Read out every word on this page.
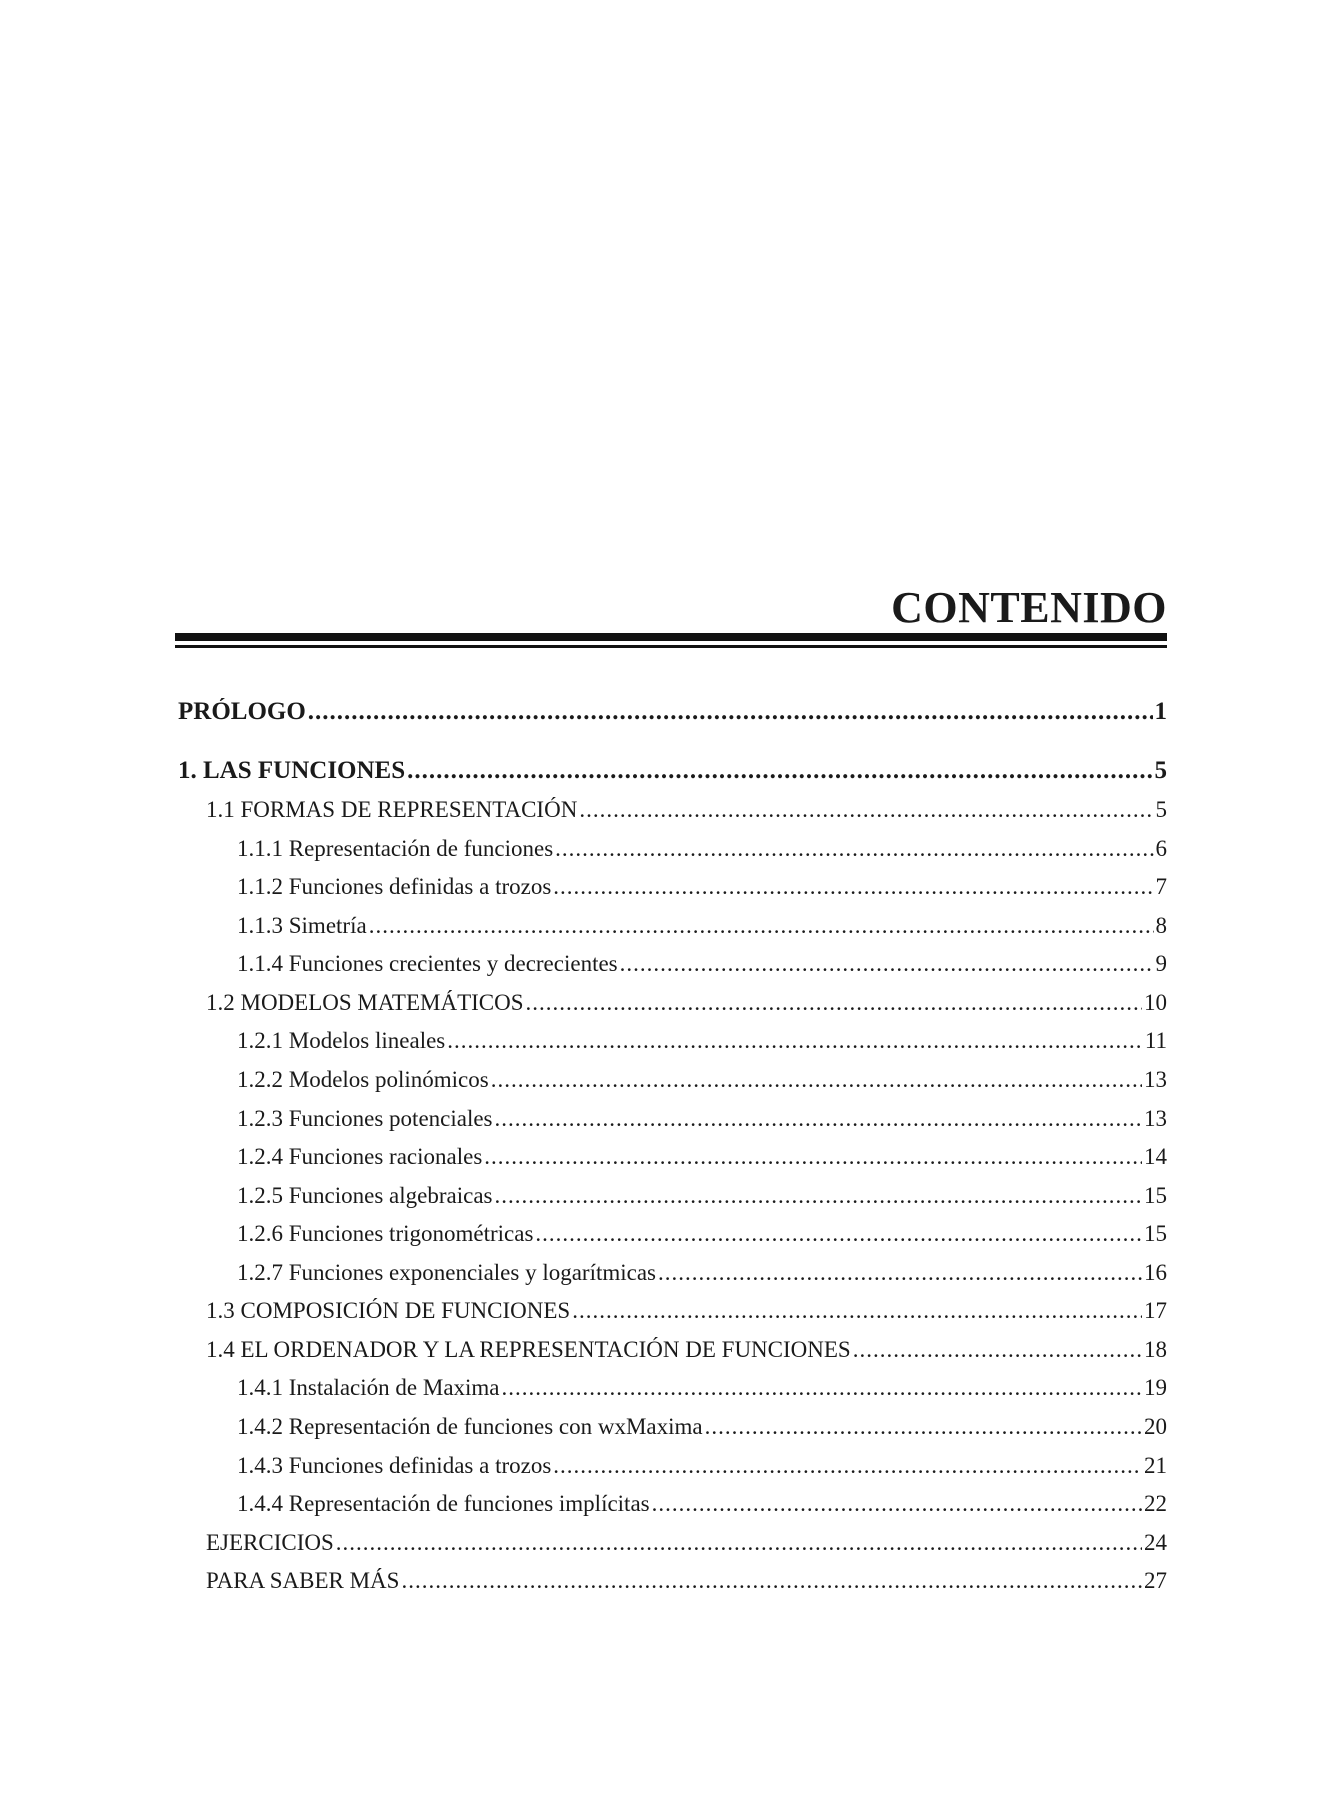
CONTENIDO
PRÓLOGO .....	1
1. LAS FUNCIONES .....	5
1.1 FORMAS DE REPRESENTACIÓN .....	5
1.1.1 Representación de funciones .....	6
1.1.2 Funciones definidas a trozos .....	7
1.1.3 Simetría .....	8
1.1.4 Funciones crecientes y decrecientes .....	9
1.2 MODELOS MATEMÁTICOS .....	10
1.2.1 Modelos lineales .....	11
1.2.2 Modelos polinómicos .....	13
1.2.3 Funciones potenciales .....	13
1.2.4 Funciones racionales .....	14
1.2.5 Funciones algebraicas .....	15
1.2.6 Funciones trigonométricas .....	15
1.2.7 Funciones exponenciales y logarítmicas .....	16
1.3 COMPOSICIÓN DE FUNCIONES .....	17
1.4 EL ORDENADOR Y LA REPRESENTACIÓN DE FUNCIONES .....	18
1.4.1 Instalación de Maxima .....	19
1.4.2 Representación de funciones con wxMaxima .....	20
1.4.3 Funciones definidas a trozos .....	21
1.4.4 Representación de funciones implícitas .....	22
EJERCICIOS .....	24
PARA SABER MÁS .....	27
